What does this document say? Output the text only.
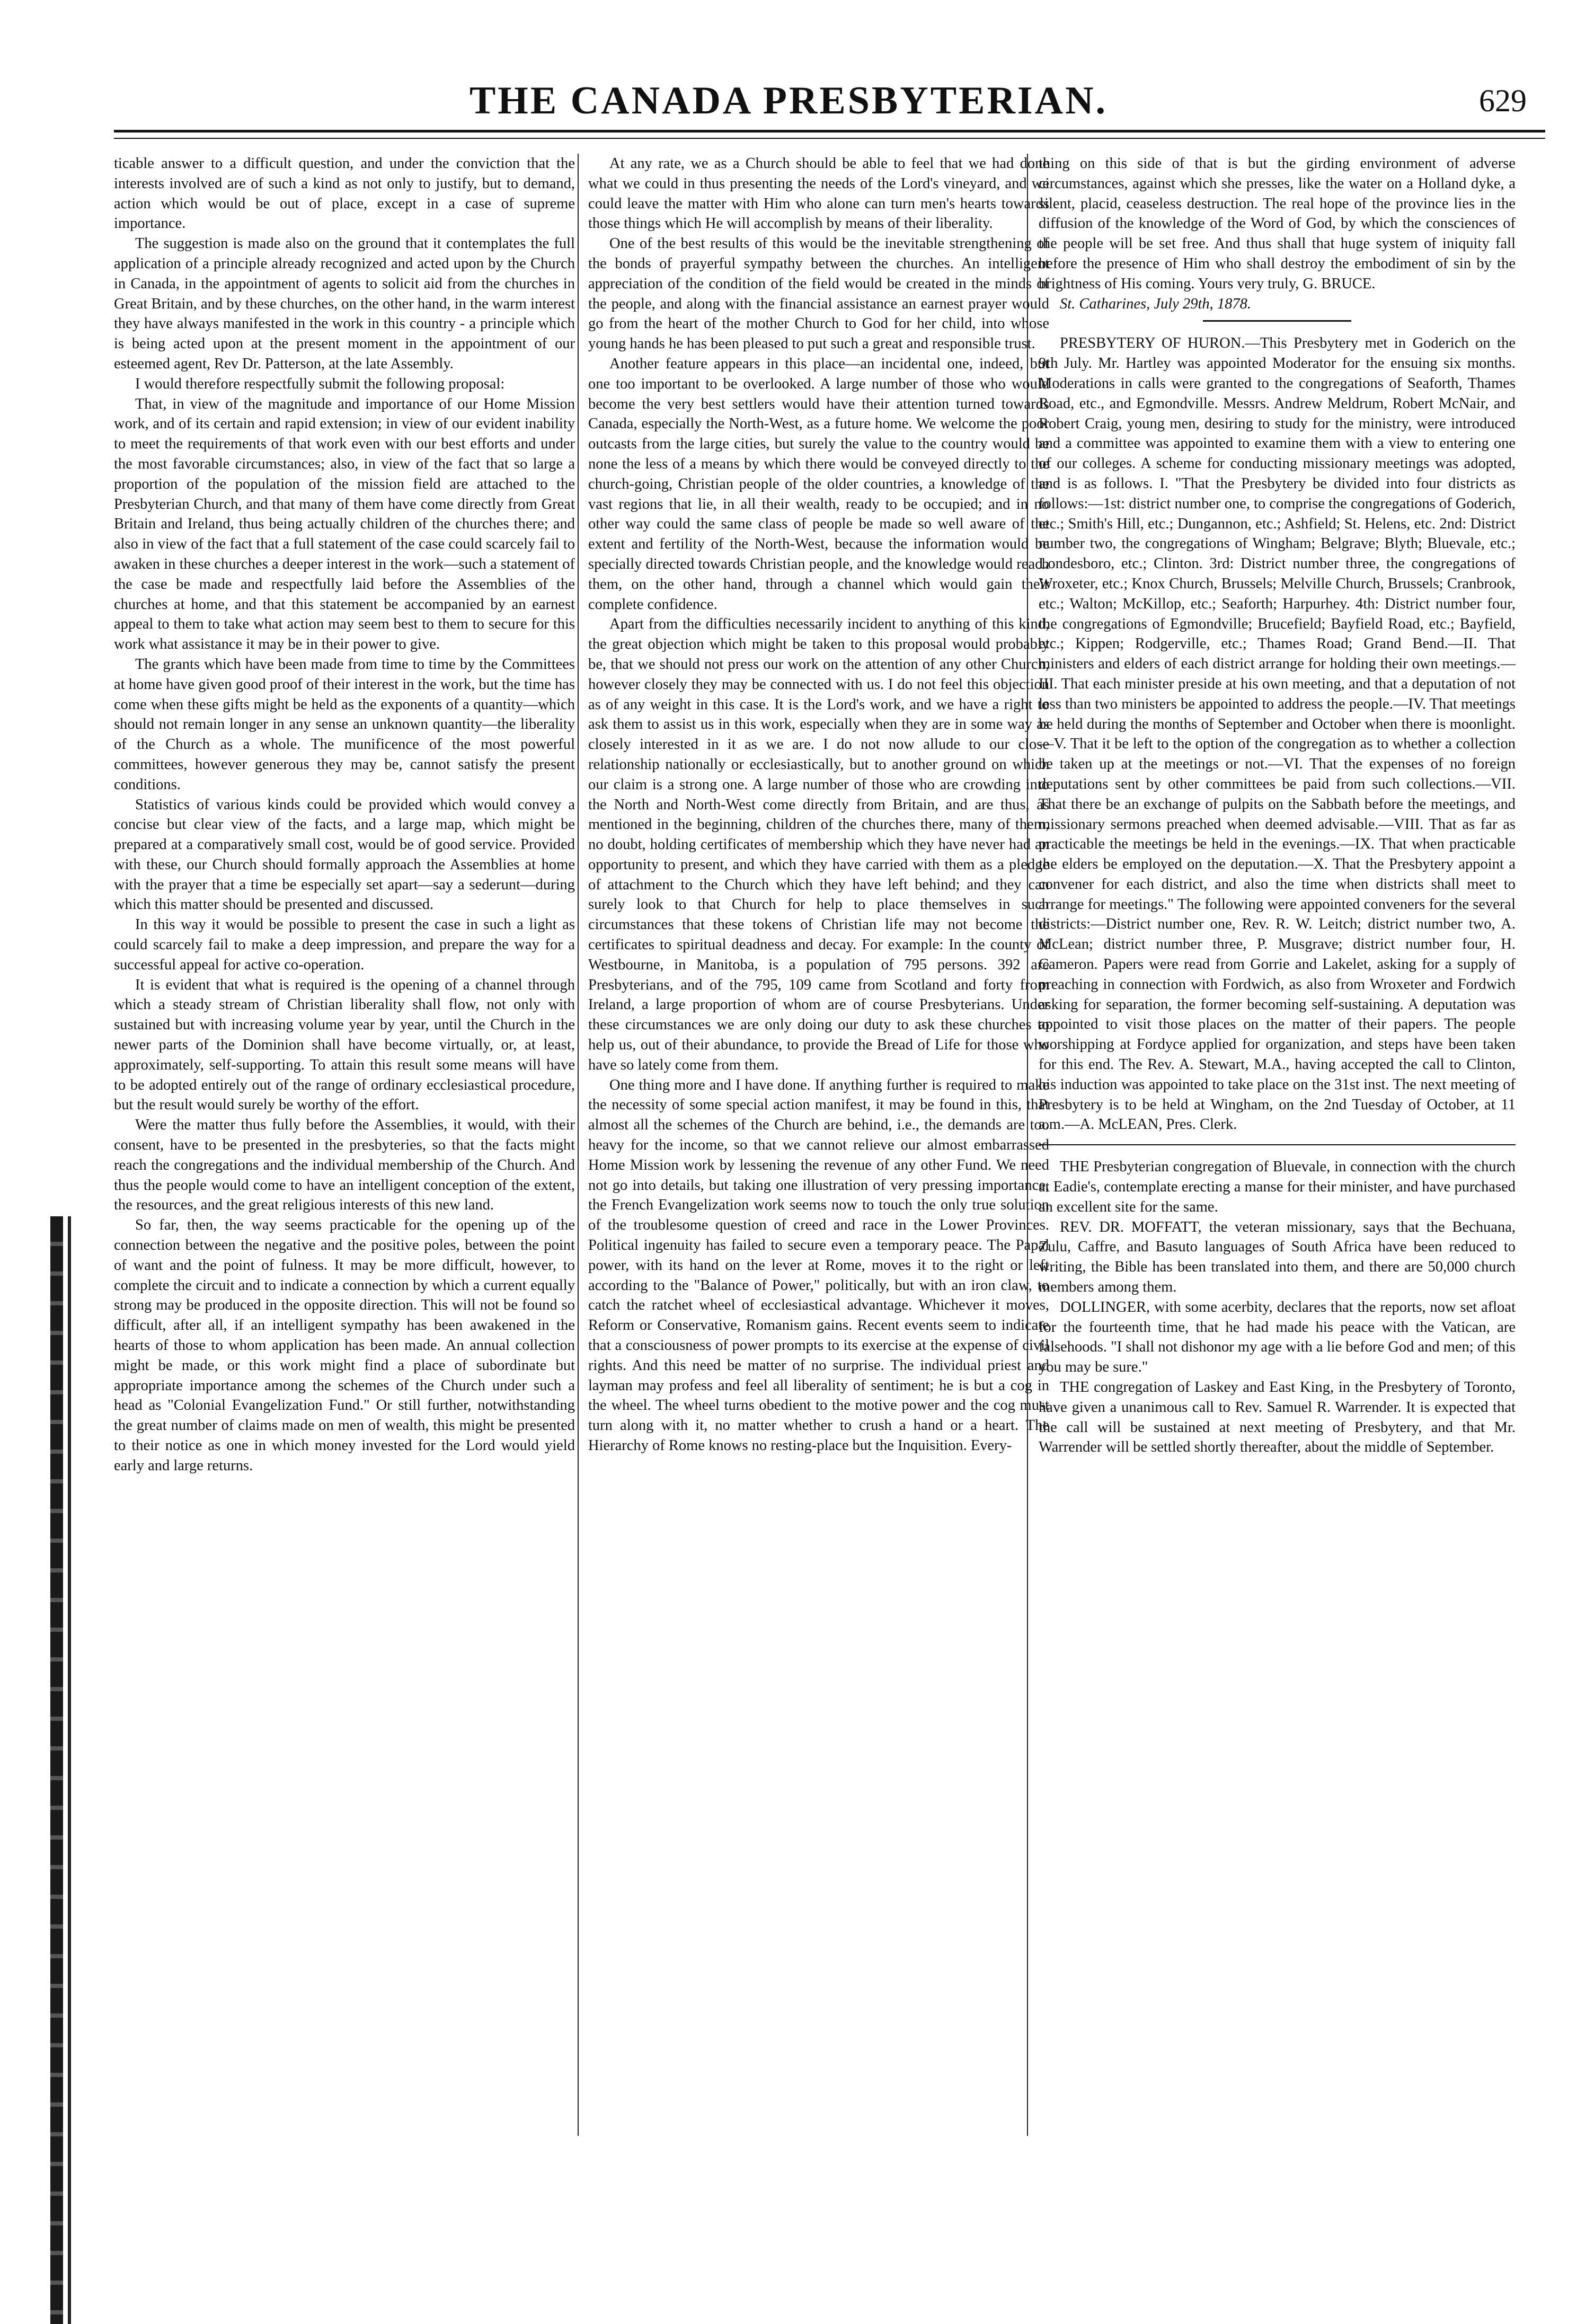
THE CANADA PRESBYTERIAN.	629

ticable answer to a difficult question, and under the conviction that the interests involved are of such a kind as not only to justify, but to demand, action which would be out of place, except in a case of supreme importance.

The suggestion is made also on the ground that it contemplates the full application of a principle already recognized and acted upon by the Church in Canada, in the appointment of agents to solicit aid from the churches in Great Britain, and by these churches, on the other hand, in the warm interest they have always manifested in the work in this country - a principle which is being acted upon at the present moment in the appointment of our esteemed agent, Rev Dr. Patterson, at the late Assembly.

I would therefore respectfully submit the following proposal:

That, in view of the magnitude and importance of our Home Mission work, and of its certain and rapid extension; in view of our evident inability to meet the requirements of that work even with our best efforts and under the most favorable circumstances; also, in view of the fact that so large a proportion of the population of the mission field are attached to the Presbyterian Church, and that many of them have come directly from Great Britain and Ireland, thus being actually children of the churches there; and also in view of the fact that a full statement of the case could scarcely fail to awaken in these churches a deeper interest in the work—such a statement of the case be made and respectfully laid before the Assemblies of the churches at home, and that this statement be accompanied by an earnest appeal to them to take what action may seem best to them to secure for this work what assistance it may be in their power to give.

The grants which have been made from time to time by the Committees at home have given good proof of their interest in the work, but the time has come when these gifts might be held as the exponents of a quantity—which should not remain longer in any sense an unknown quantity—the liberality of the Church as a whole. The munificence of the most powerful committees, however generous they may be, cannot satisfy the present conditions.

Statistics of various kinds could be provided which would convey a concise but clear view of the facts, and a large map, which might be prepared at a comparatively small cost, would be of good service. Provided with these, our Church should formally approach the Assemblies at home with the prayer that a time be especially set apart—say a sederunt—during which this matter should be presented and discussed.

In this way it would be possible to present the case in such a light as could scarcely fail to make a deep impression, and prepare the way for a successful appeal for active co-operation.

It is evident that what is required is the opening of a channel through which a steady stream of Christian liberality shall flow, not only with sustained but with increasing volume year by year, until the Church in the newer parts of the Dominion shall have become virtually, or, at least, approximately, self-supporting. To attain this result some means will have to be adopted entirely out of the range of ordinary ecclesiastical procedure, but the result would surely be worthy of the effort.

Were the matter thus fully before the Assemblies, it would, with their consent, have to be presented in the presbyteries, so that the facts might reach the congregations and the individual membership of the Church. And thus the people would come to have an intelligent conception of the extent, the resources, and the great religious interests of this new land.

So far, then, the way seems practicable for the opening up of the connection between the negative and the positive poles, between the point of want and the point of fulness. It may be more difficult, however, to complete the circuit and to indicate a connection by which a current equally strong may be produced in the opposite direction. This will not be found so difficult, after all, if an intelligent sympathy has been awakened in the hearts of those to whom application has been made. An annual collection might be made, or this work might find a place of subordinate but appropriate importance among the schemes of the Church under such a head as "Colonial Evangelization Fund." Or still further, notwithstanding the great number of claims made on men of wealth, this might be presented to their notice as one in which money invested for the Lord would yield early and large returns.

At any rate, we as a Church should be able to feel that we had done what we could in thus presenting the needs of the Lord's vineyard, and we could leave the matter with Him who alone can turn men's hearts towards those things which He will accomplish by means of their liberality.

One of the best results of this would be the inevitable strengthening of the bonds of prayerful sympathy between the churches. An intelligent appreciation of the condition of the field would be created in the minds of the people, and along with the financial assistance an earnest prayer would go from the heart of the mother Church to God for her child, into whose young hands he has been pleased to put such a great and responsible trust.

Another feature appears in this place—an incidental one, indeed, but one too important to be overlooked. A large number of those who would become the very best settlers would have their attention turned towards Canada, especially the North-West, as a future home. We welcome the poor outcasts from the large cities, but surely the value to the country would be none the less of a means by which there would be conveyed directly to the church-going, Christian people of the older countries, a knowledge of the vast regions that lie, in all their wealth, ready to be occupied; and in no other way could the same class of people be made so well aware of the extent and fertility of the North-West, because the information would be specially directed towards Christian people, and the knowledge would reach them, on the other hand, through a channel which would gain their complete confidence.

Apart from the difficulties necessarily incident to anything of this kind, the great objection which might be taken to this proposal would probably be, that we should not press our work on the attention of any other Church, however closely they may be connected with us. I do not feel this objection as of any weight in this case. It is the Lord's work, and we have a right to ask them to assist us in this work, especially when they are in some way as closely interested in it as we are. I do not now allude to our close relationship nationally or ecclesiastically, but to another ground on which our claim is a strong one. A large number of those who are crowding into the North and North-West come directly from Britain, and are thus, as mentioned in the beginning, children of the churches there, many of them, no doubt, holding certificates of membership which they have never had an opportunity to present, and which they have carried with them as a pledge of attachment to the Church which they have left behind; and they can surely look to that Church for help to place themselves in such circumstances that these tokens of Christian life may not become the certificates to spiritual deadness and decay. For example: In the county of Westbourne, in Manitoba, is a population of 795 persons. 392 are Presbyterians, and of the 795, 109 came from Scotland and forty from Ireland, a large proportion of whom are of course Presbyterians. Under these circumstances we are only doing our duty to ask these churches to help us, out of their abundance, to provide the Bread of Life for those who have so lately come from them.

One thing more and I have done. If anything further is required to make the necessity of some special action manifest, it may be found in this, that almost all the schemes of the Church are behind, i.e., the demands are too heavy for the income, so that we cannot relieve our almost embarrassed Home Mission work by lessening the revenue of any other Fund. We need not go into details, but taking one illustration of very pressing importance, the French Evangelization work seems now to touch the only true solution of the troublesome question of creed and race in the Lower Provinces. Political ingenuity has failed to secure even a temporary peace. The Papal power, with its hand on the lever at Rome, moves it to the right or left according to the "Balance of Power," politically, but with an iron claw, to catch the ratchet wheel of ecclesiastical advantage. Whichever it moves, Reform or Conservative, Romanism gains. Recent events seem to indicate that a consciousness of power prompts to its exercise at the expense of civil rights. And this need be matter of no surprise. The individual priest and layman may profess and feel all liberality of sentiment; he is but a cog in the wheel. The wheel turns obedient to the motive power and the cog must turn along with it, no matter whether to crush a hand or a heart. The Hierarchy of Rome knows no resting-place but the Inquisition. Every-

thing on this side of that is but the girding environment of adverse circumstances, against which she presses, like the water on a Holland dyke, a silent, placid, ceaseless destruction. The real hope of the province lies in the diffusion of the knowledge of the Word of God, by which the consciences of the people will be set free. And thus shall that huge system of iniquity fall before the presence of Him who shall destroy the embodiment of sin by the brightness of His coming. Yours very truly, G. BRUCE.

St. Catharines, July 29th, 1878.

PRESBYTERY OF HURON.—This Presbytery met in Goderich on the 9th July. Mr. Hartley was appointed Moderator for the ensuing six months. Moderations in calls were granted to the congregations of Seaforth, Thames Road, etc., and Egmondville. Messrs. Andrew Meldrum, Robert McNair, and Robert Craig, young men, desiring to study for the ministry, were introduced and a committee was appointed to examine them with a view to entering one of our colleges. A scheme for conducting missionary meetings was adopted, and is as follows. I. "That the Presbytery be divided into four districts as follows:—1st: district number one, to comprise the congregations of Goderich, etc.; Smith's Hill, etc.; Dungannon, etc.; Ashfield; St. Helens, etc. 2nd: District number two, the congregations of Wingham; Belgrave; Blyth; Bluevale, etc.; Londesboro, etc.; Clinton. 3rd: District number three, the congregations of Wroxeter, etc.; Knox Church, Brussels; Melville Church, Brussels; Cranbrook, etc.; Walton; McKillop, etc.; Seaforth; Harpurhey. 4th: District number four, the congregations of Egmondville; Brucefield; Bayfield Road, etc.; Bayfield, etc.; Kippen; Rodgerville, etc.; Thames Road; Grand Bend.—II. That ministers and elders of each district arrange for holding their own meetings.—III. That each minister preside at his own meeting, and that a deputation of not less than two ministers be appointed to address the people.—IV. That meetings be held during the months of September and October when there is moonlight.—V. That it be left to the option of the congregation as to whether a collection be taken up at the meetings or not.—VI. That the expenses of no foreign deputations sent by other committees be paid from such collections.—VII. That there be an exchange of pulpits on the Sabbath before the meetings, and missionary sermons preached when deemed advisable.—VIII. That as far as practicable the meetings be held in the evenings.—IX. That when practicable the elders be employed on the deputation.—X. That the Presbytery appoint a convener for each district, and also the time when districts shall meet to arrange for meetings." The following were appointed conveners for the several districts:—District number one, Rev. R. W. Leitch; district number two, A. McLean; district number three, P. Musgrave; district number four, H. Cameron. Papers were read from Gorrie and Lakelet, asking for a supply of preaching in connection with Fordwich, as also from Wroxeter and Fordwich asking for separation, the former becoming self-sustaining. A deputation was appointed to visit those places on the matter of their papers. The people worshipping at Fordyce applied for organization, and steps have been taken for this end. The Rev. A. Stewart, M.A., having accepted the call to Clinton, his induction was appointed to take place on the 31st inst. The next meeting of Presbytery is to be held at Wingham, on the 2nd Tuesday of October, at 11 a.m.—A. McLEAN, Pres. Clerk.

THE Presbyterian congregation of Bluevale, in connection with the church at Eadie's, contemplate erecting a manse for their minister, and have purchased an excellent site for the same.

REV. DR. MOFFATT, the veteran missionary, says that the Bechuana, Zulu, Caffre, and Basuto languages of South Africa have been reduced to writing, the Bible has been translated into them, and there are 50,000 church members among them.

DOLLINGER, with some acerbity, declares that the reports, now set afloat for the fourteenth time, that he had made his peace with the Vatican, are falsehoods. "I shall not dishonor my age with a lie before God and men; of this you may be sure."

THE congregation of Laskey and East King, in the Presbytery of Toronto, have given a unanimous call to Rev. Samuel R. Warrender. It is expected that the call will be sustained at next meeting of Presbytery, and that Mr. Warrender will be settled shortly thereafter, about the middle of September.
